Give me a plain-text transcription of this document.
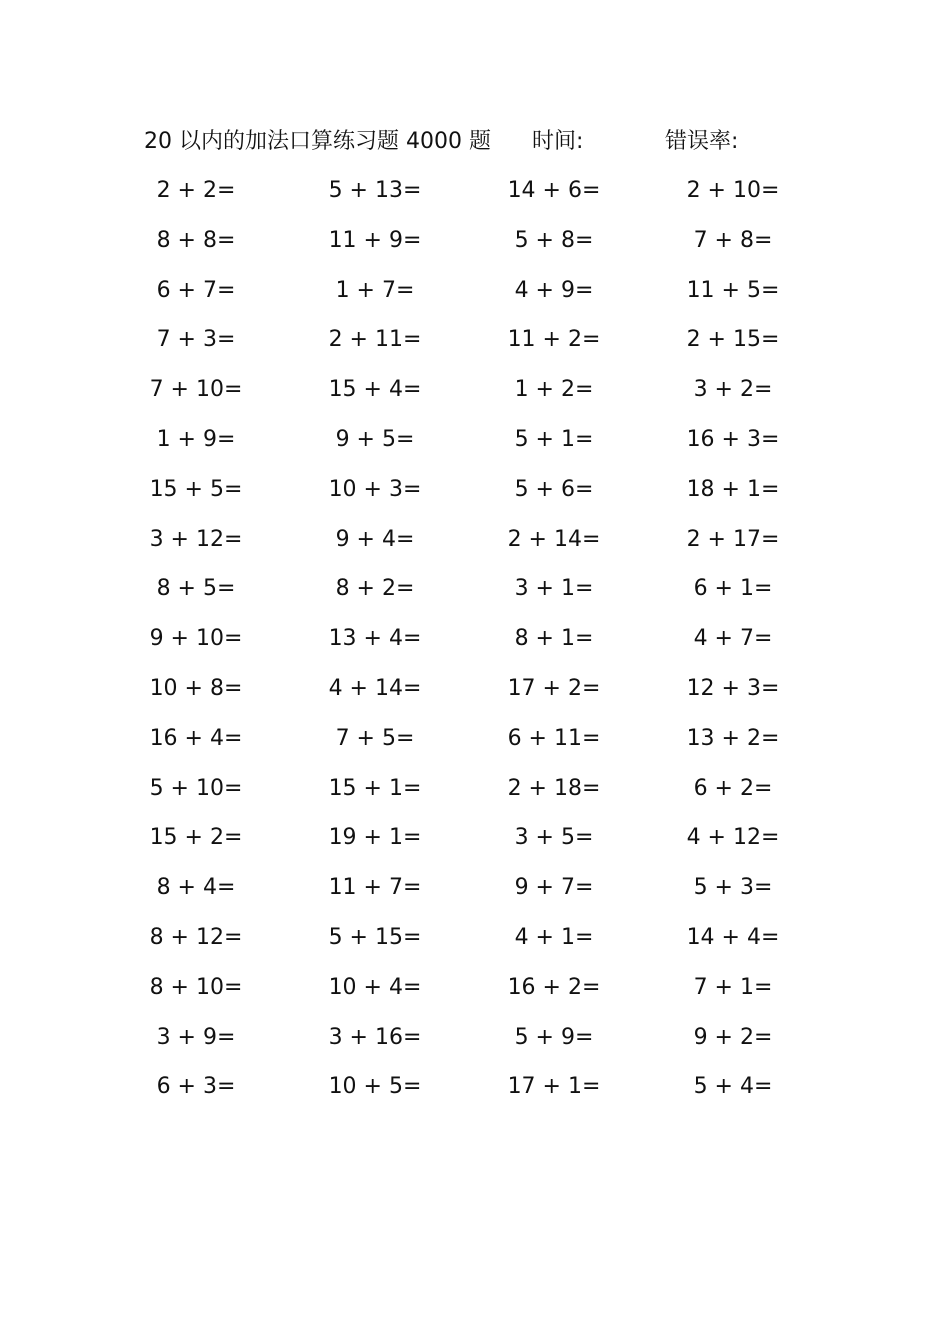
20 以内的加法口算练习题 4000 题 时间:	错误率:
2 + 2=	5 + 13=	14 + 6=	2 + 10=
8 + 8=	11 + 9=	5 + 8=	7 + 8=
6 + 7=	1 + 7=	4 + 9=	11 + 5=
7 + 3=	2 + 11=	11 + 2=	2 + 15=
7 + 10=	15 + 4=	1 + 2=	3 + 2=
1 + 9=	9 + 5=	5 + 1=	16 + 3=
15 + 5=	10 + 3=	5 + 6=	18 + 1=
3 + 12=	9 + 4=	2 + 14=	2 + 17=
8 + 5=	8 + 2=	3 + 1=	6 + 1=
9 + 10=	13 + 4=	8 + 1=	4 + 7=
10 + 8=	4 + 14=	17 + 2=	12 + 3=
16 + 4=	7 + 5=	6 + 11=	13 + 2=
5 + 10=	15 + 1=	2 + 18=	6 + 2=
15 + 2=	19 + 1=	3 + 5=	4 + 12=
8 + 4=	11 + 7=	9 + 7=	5 + 3=
8 + 12=	5 + 15=	4 + 1=	14 + 4=
8 + 10=	10 + 4=	16 + 2=	7 + 1=
3 + 9=	3 + 16=	5 + 9=	9 + 2=
6 + 3=	10 + 5=	17 + 1=	5 + 4=
